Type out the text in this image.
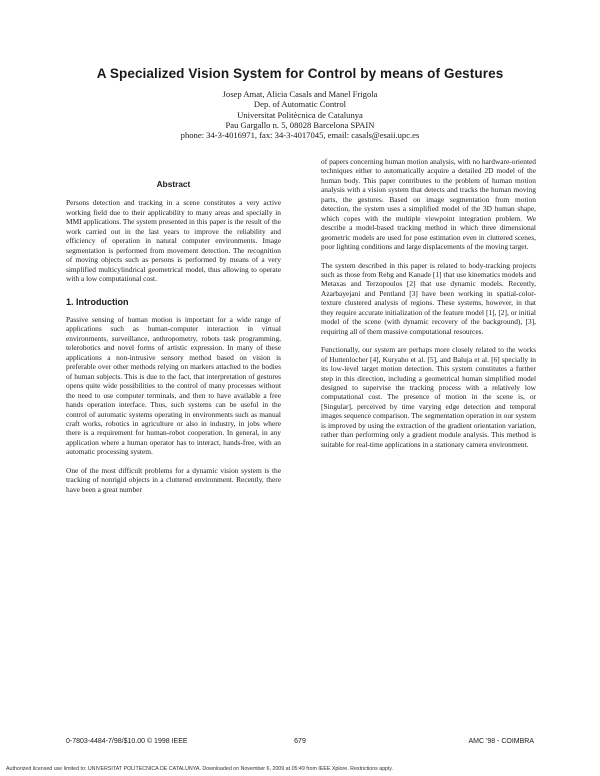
A Specialized Vision System for Control by means of Gestures
Josep Amat, Alicia Casals and Manel Frigola
Dep. of Automatic Control
Universitat Politècnica de Catalunya
Pau Gargallo n. 5, 08028 Barcelona SPAIN
phone: 34-3-4016971, fax: 34-3-4017045, email: casals@esaii.upc.es
Abstract

Persons detection and tracking in a scene constitutes a very active working field due to their applicability to many areas and specially in MMI applications. The system presented in this paper is the result of the work carried out in the last years to improve the reliability and efficiency of operation in natural computer environments. Image segmentation is performed from movement detection. The recognition of moving objects such as persons is performed by means of a very simplified multicylindrical geometrical model, thus allowing to operate with a low computational cost.

1. Introduction

Passive sensing of human motion is important for a wide range of applications such as human-computer interaction in virtual environments, surveillance, anthropometry, robots task programming, telerobotics and novel forms of artistic expression. In many of these applications a non-intrusive sensory method based on vision is preferable over other methods relying on markers attached to the bodies of human subjects. This is due to the fact, that interpretation of gestures opens quite wide possibilities to the control of many processes without the need to use computer terminals, and then to have available a free hands operation interface. Thus, such systems can be useful in the control of automatic systems operating in environments such as manual craft works, robotics in agriculture or also in industry, in jobs where there is a requirement for human-robot cooperation. In general, in any application where a human operator has to interact, hands-free, with an automatic processing system.

One of the most difficult problems for a dynamic vision system is the tracking of nonrigid objects in a cluttered environment. Recently, there have been a great number

of papers concerning human motion analysis, with no hardware-oriented techniques either to automatically acquire a detailed 2D model of the human body. This paper contributes to the problem of human motion analysis with a vision system that detects and tracks the human moving parts, the gestures. Based on image segmentation from motion detection, the system uses a simplified model of the 3D human shape, which copes with the multiple viewpoint integration problem. We describe a model-based tracking method in which three dimensional geometric models are used for pose estimation even in cluttered scenes, poor lighting conditions and large displacements of the moving target.

The system described in this paper is related to body-tracking projects such as those from Rehg and Kanade [1] that use kinematics models and Metaxas and Terzopoulos [2] that use dynamic models. Recently, Azarbayejani and Pentland [3] have been working in spatial-color-texture clustered analysis of regions. These systems, however, in that they require accurate initialization of the feature model [1], [2], or initial model of the scene (with dynamic recovery of the background), [3], requiring all of them massive computational resources.

Functionally, our system are perhaps more closely related to the works of Huttenlocher [4], Kuryaho et al. [5], and Baluja et al. [6] specially in its low-level target motion detection. This system constitutes a further step in this direction, including a geometrical human simplified model designed to supervise the tracking process with a relatively low computational cost. The presence of motion in the scene is, or [Singular], perceived by time varying edge detection and temporal images sequence comparison. The segmentation operation in our system is improved by using the extraction of the gradient orientation variation, rather than performing only a gradient module analysis. This method is suitable for real-time applications in a stationary camera environment.

0-7803-4484-7/98/$10.00 © 1998 IEEE	679	AMC '98 - COIMBRA
Authorized licensed use limited to: UNIVERSITAT POLITECNICA DE CATALUNYA. Downloaded on November 6, 2009 at 05:49 from IEEE Xplore. Restrictions apply.
